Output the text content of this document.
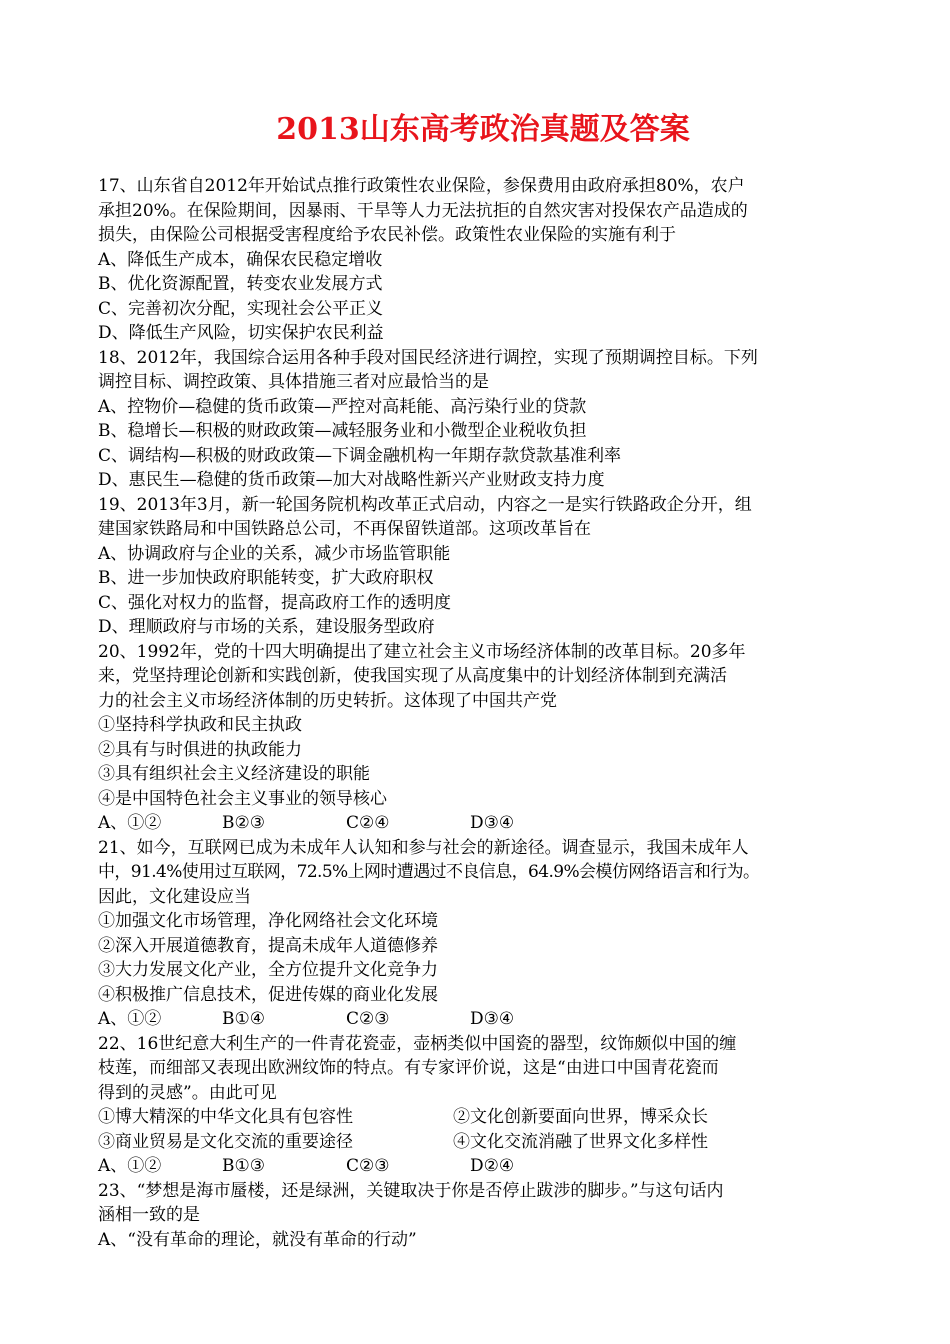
2013山东高考政治真题及答案
17、山东省自2012年开始试点推行政策性农业保险，参保费用由政府承担80%，农户
承担20%。在保险期间，因暴雨、干旱等人力无法抗拒的自然灾害对投保农产品造成的
损失，由保险公司根据受害程度给予农民补偿。政策性农业保险的实施有利于
A、降低生产成本，确保农民稳定增收
B、优化资源配置，转变农业发展方式
C、完善初次分配，实现社会公平正义
D、降低生产风险，切实保护农民利益
18、2012年，我国综合运用各种手段对国民经济进行调控，实现了预期调控目标。下列
调控目标、调控政策、具体措施三者对应最恰当的是
A、控物价—稳健的货币政策—严控对高耗能、高污染行业的贷款
B、稳增长—积极的财政政策—减轻服务业和小微型企业税收负担
C、调结构—积极的财政政策—下调金融机构一年期存款贷款基准利率
D、惠民生—稳健的货币政策—加大对战略性新兴产业财政支持力度
19、2013年3月，新一轮国务院机构改革正式启动，内容之一是实行铁路政企分开，组
建国家铁路局和中国铁路总公司，不再保留铁道部。这项改革旨在
A、协调政府与企业的关系，减少市场监管职能
B、进一步加快政府职能转变，扩大政府职权
C、强化对权力的监督，提高政府工作的透明度
D、理顺政府与市场的关系，建设服务型政府
20、1992年，党的十四大明确提出了建立社会主义市场经济体制的改革目标。20多年
来，党坚持理论创新和实践创新，使我国实现了从高度集中的计划经济体制到充满活
力的社会主义市场经济体制的历史转折。这体现了中国共产党
①坚持科学执政和民主执政
②具有与时俱进的执政能力
③具有组织社会主义经济建设的职能
④是中国特色社会主义事业的领导核心
A、①②	B②③	C②④	D③④
21、如今，互联网已成为未成年人认知和参与社会的新途径。调查显示，我国未成年人
中，91.4%使用过互联网，72.5%上网时遭遇过不良信息，64.9%会模仿网络语言和行为。
因此，文化建设应当
①加强文化市场管理，净化网络社会文化环境
②深入开展道德教育，提高未成年人道德修养
③大力发展文化产业，全方位提升文化竞争力
④积极推广信息技术，促进传媒的商业化发展
A、①②	B①④	C②③	D③④
22、16世纪意大利生产的一件青花瓷壶，壶柄类似中国瓷的器型，纹饰颇似中国的缠
枝莲，而细部又表现出欧洲纹饰的特点。有专家评价说，这是“由进口中国青花瓷而
得到的灵感”。由此可见
①博大精深的中华文化具有包容性	②文化创新要面向世界，博采众长
③商业贸易是文化交流的重要途径	④文化交流消融了世界文化多样性
A、①②	B①③	C②③	D②④
23、“梦想是海市蜃楼，还是绿洲，关键取决于你是否停止跋涉的脚步。”与这句话内
涵相一致的是
A、“没有革命的理论，就没有革命的行动”
